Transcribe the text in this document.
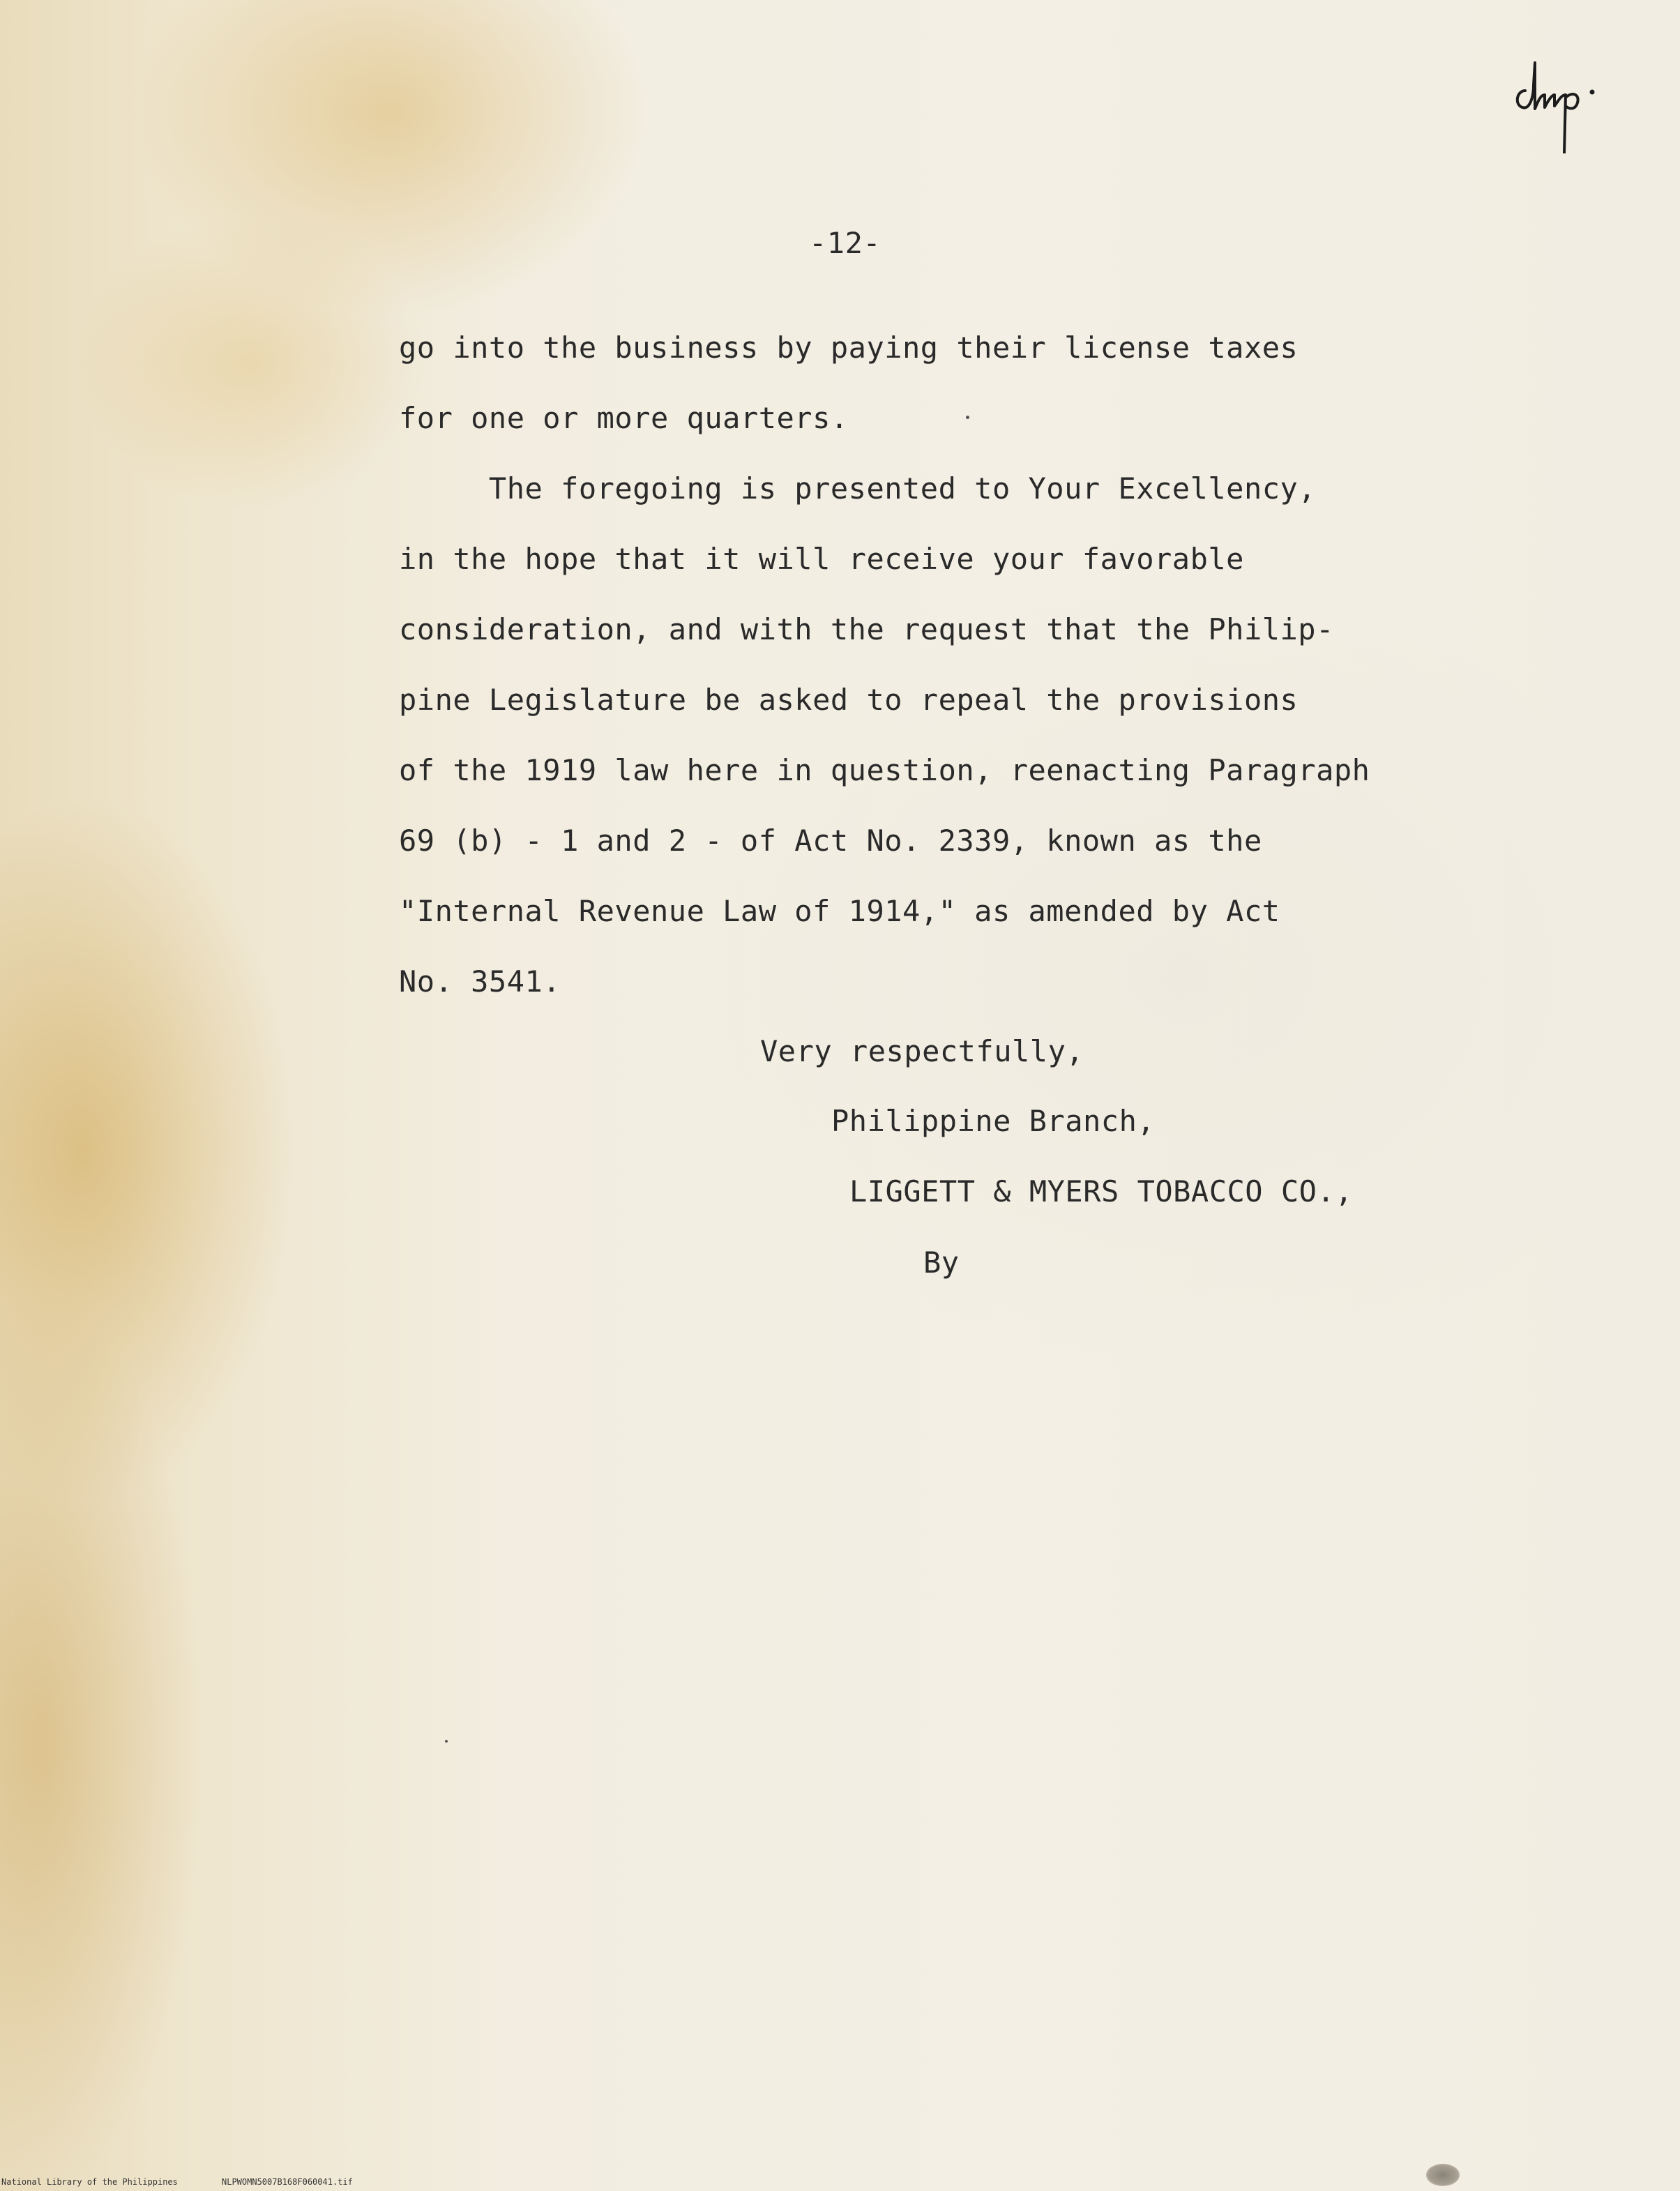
-12-
go into the business by paying their license taxes
for one or more quarters.
The foregoing is presented to Your Excellency,
in the hope that it will receive your favorable
consideration, and with the request that the Philip-
pine Legislature be asked to repeal the provisions
of the 1919 law here in question, reenacting Paragraph
69 (b) - 1 and 2 - of Act No. 2339, known as the
"Internal Revenue Law of 1914," as amended by Act
No. 3541.
Very respectfully,
Philippine Branch,
LIGGETT & MYERS TOBACCO CO.,
By
National Library of the Philippines	NLPWOMN5007B168F060041.tif
